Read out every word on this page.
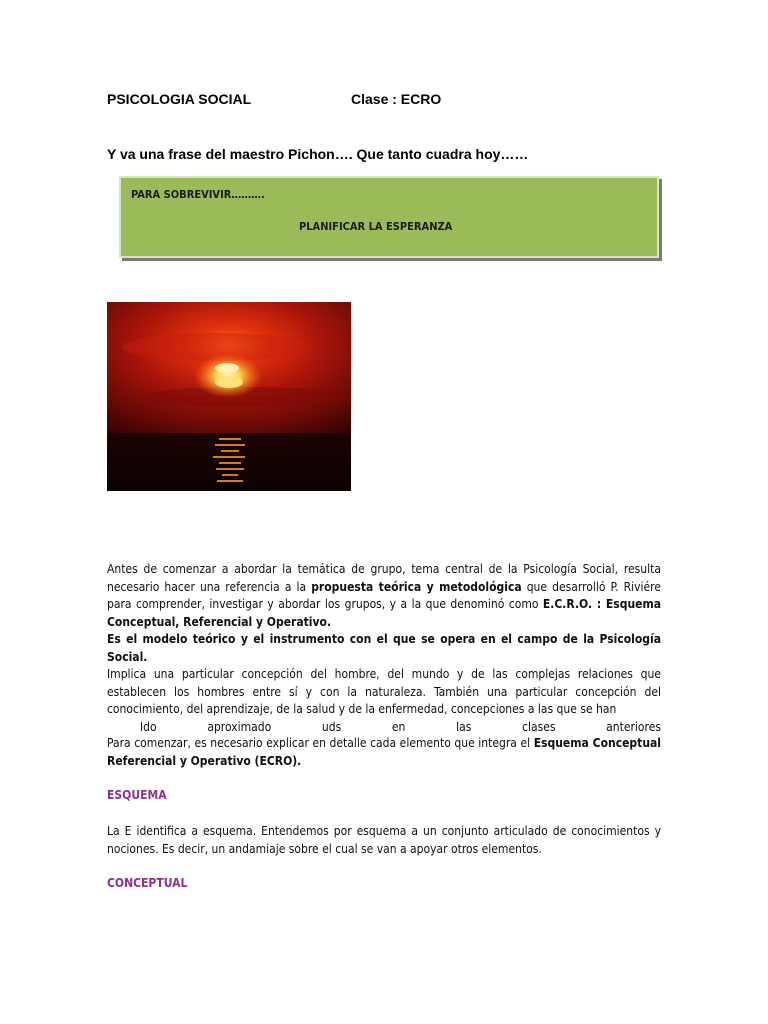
PSICOLOGIA SOCIAL	Clase : ECRO
Y va una frase del maestro Pichon…. Que tanto cuadra hoy……
PARA SOBREVIVIR……….
PLANIFICAR LA ESPERANZA
Antes de comenzar a abordar la temática de grupo, tema central de la Psicología Social, resulta necesario hacer una referencia a la propuesta teórica y metodológica que desarrolló P. Riviére para comprender, investigar y abordar los grupos, y a la que denominó como E.C.R.O. : Esquema Conceptual, Referencial y Operativo.
Es el modelo teórico y el instrumento con el que se opera en el campo de la Psicología Social.
Implica una particular concepción del hombre, del mundo y de las complejas relaciones que establecen los hombres entre sí y con la naturaleza. También una particular concepción del conocimiento, del aprendizaje, de la salud y de la enfermedad, concepciones a las que se han
Ido	aproximado	uds	en	las	clases	anteriores
Para comenzar, es necesario explicar en detalle cada elemento que integra el Esquema Conceptual Referencial y Operativo (ECRO).
ESQUEMA
La E identifica a esquema. Entendemos por esquema a un conjunto articulado de conocimientos y nociones. Es decir, un andamiaje sobre el cual se van a apoyar otros elementos.
CONCEPTUAL
